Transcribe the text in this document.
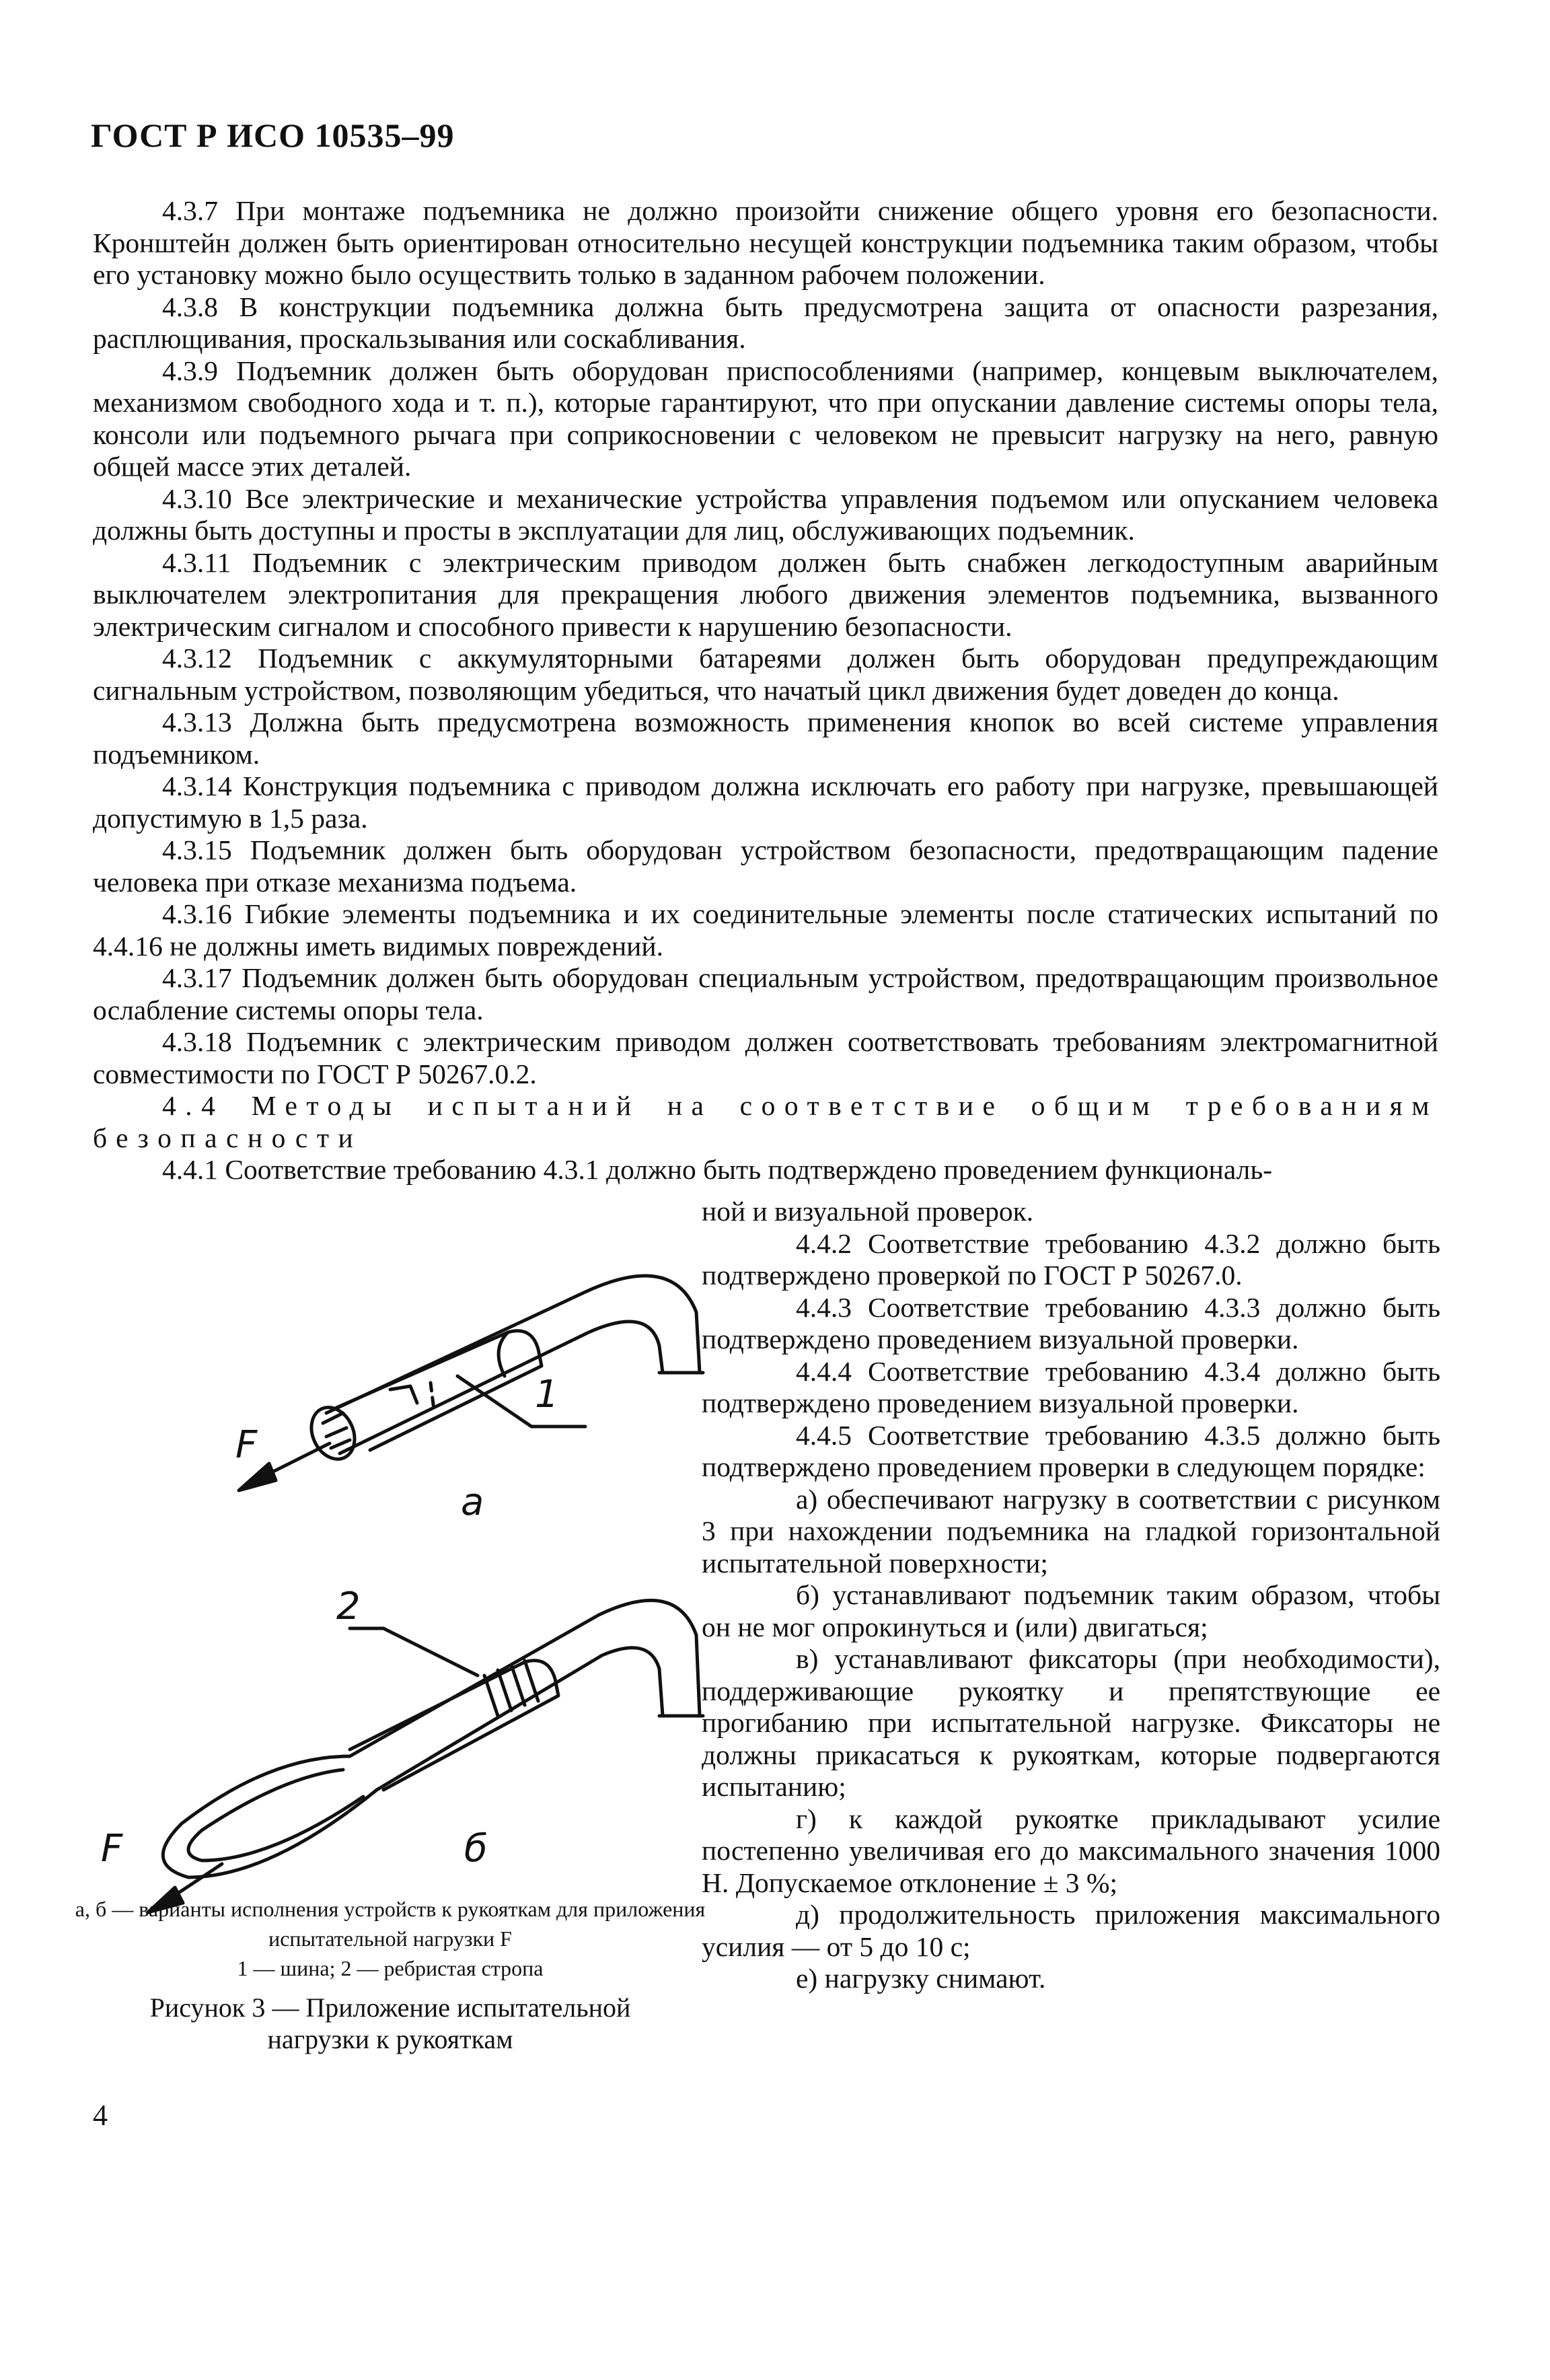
ГОСТ Р ИСО 10535–99

4.3.7 При монтаже подъемника не должно произойти снижение общего уровня его безопасности. Кронштейн должен быть ориентирован относительно несущей конструкции подъемника таким образом, чтобы его установку можно было осуществить только в заданном рабочем положении.

4.3.8 В конструкции подъемника должна быть предусмотрена защита от опасности разрезания, расплющивания, проскальзывания или соскабливания.

4.3.9 Подъемник должен быть оборудован приспособлениями (например, концевым выключателем, механизмом свободного хода и т. п.), которые гарантируют, что при опускании давление системы опоры тела, консоли или подъемного рычага при соприкосновении с человеком не превысит нагрузку на него, равную общей массе этих деталей.

4.3.10 Все электрические и механические устройства управления подъемом или опусканием человека должны быть доступны и просты в эксплуатации для лиц, обслуживающих подъемник.

4.3.11 Подъемник с электрическим приводом должен быть снабжен легкодоступным аварийным выключателем электропитания для прекращения любого движения элементов подъемника, вызванного электрическим сигналом и способного привести к нарушению безопасности.

4.3.12 Подъемник с аккумуляторными батареями должен быть оборудован предупреждающим сигнальным устройством, позволяющим убедиться, что начатый цикл движения будет доведен до конца.

4.3.13 Должна быть предусмотрена возможность применения кнопок во всей системе управления подъемником.

4.3.14 Конструкция подъемника с приводом должна исключать его работу при нагрузке, превышающей допустимую в 1,5 раза.

4.3.15 Подъемник должен быть оборудован устройством безопасности, предотвращающим падение человека при отказе механизма подъема.

4.3.16 Гибкие элементы подъемника и их соединительные элементы после статических испытаний по 4.4.16 не должны иметь видимых повреждений.

4.3.17 Подъемник должен быть оборудован специальным устройством, предотвращающим произвольное ослабление системы опоры тела.

4.3.18 Подъемник с электрическим приводом должен соответствовать требованиям электромагнитной совместимости по ГОСТ Р 50267.0.2.

4.4 Методы испытаний на соответствие общим требованиям безопасности

4.4.1 Соответствие требованию 4.3.1 должно быть подтверждено проведением функциональ-

ной и визуальной проверок.

4.4.2 Соответствие требованию 4.3.2 должно быть подтверждено проверкой по ГОСТ Р 50267.0.

4.4.3 Соответствие требованию 4.3.3 должно быть подтверждено проведением визуальной проверки.

4.4.4 Соответствие требованию 4.3.4 должно быть подтверждено проведением визуальной проверки.

4.4.5 Соответствие требованию 4.3.5 должно быть подтверждено проведением проверки в следующем порядке:

а) обеспечивают нагрузку в соответствии с рисунком 3 при нахождении подъемника на гладкой горизонтальной испытательной поверхности;

б) устанавливают подъемник таким образом, чтобы он не мог опрокинуться и (или) двигаться;

в) устанавливают фиксаторы (при необходимости), поддерживающие рукоятку и препятствующие ее прогибанию при испытательной нагрузке. Фиксаторы не должны прикасаться к рукояткам, которые подвергаются испытанию;

г) к каждой рукоятке прикладывают усилие постепенно увеличивая его до максимального значения 1000 Н. Допускаемое отклонение ± 3 %;

д) продолжительность приложения максимального усилия — от 5 до 10 с;

е) нагрузку снимают.

F
1
а
2
F	б
а, б — варианты исполнения устройств к рукояткам для приложения испытательной нагрузки F
1 — шина; 2 — ребристая стропа
Рисунок 3 — Приложение испытательной
нагрузки к рукояткам
4
